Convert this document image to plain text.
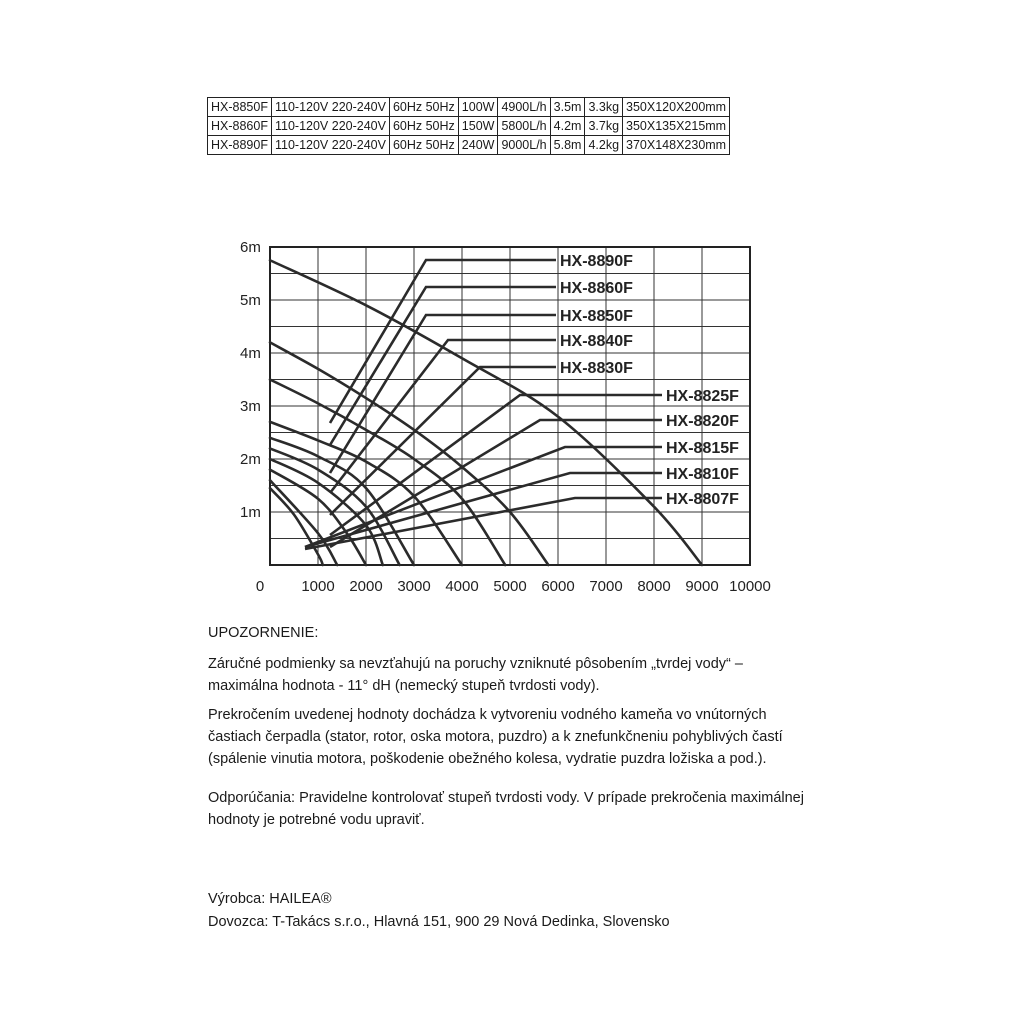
HX-8850F	110-120V 220-240V	60Hz 50Hz	100W	4900L/h	3.5m	3.3kg	350X120X200mm
HX-8860F	110-120V 220-240V	60Hz 50Hz	150W	5800L/h	4.2m	3.7kg	350X135X215mm
HX-8890F	110-120V 220-240V	60Hz 50Hz	240W	9000L/h	5.8m	4.2kg	370X148X230mm
HX-8890F
HX-8860F
HX-8850F
HX-8840F
HX-8830F
HX-8825F
HX-8820F
HX-8815F
HX-8810F
HX-8807F
1m
2m
3m
4m
5m
6m
0 1000 2000 3000 4000 5000 6000 7000 8000 9000 10000
UPOZORNENIE:
Záručné podmienky sa nevzťahujú na poruchy vzniknuté pôsobením „tvrdej vody“ – maximálna hodnota - 11° dH (nemecký stupeň tvrdosti vody).
Prekročením uvedenej hodnoty dochádza k vytvoreniu vodného kameňa vo vnútorných častiach čerpadla (stator, rotor, oska motora, puzdro) a k znefunkčneniu pohyblivých častí (spálenie vinutia motora, poškodenie obežného kolesa, vydratie puzdra ložiska a pod.).
Odporúčania: Pravidelne kontrolovať stupeň tvrdosti vody. V prípade prekročenia maximálnej hodnoty je potrebné vodu upraviť.
Výrobca: HAILEA®
Dovozca: T-Takács s.r.o., Hlavná 151, 900 29 Nová Dedinka, Slovensko
